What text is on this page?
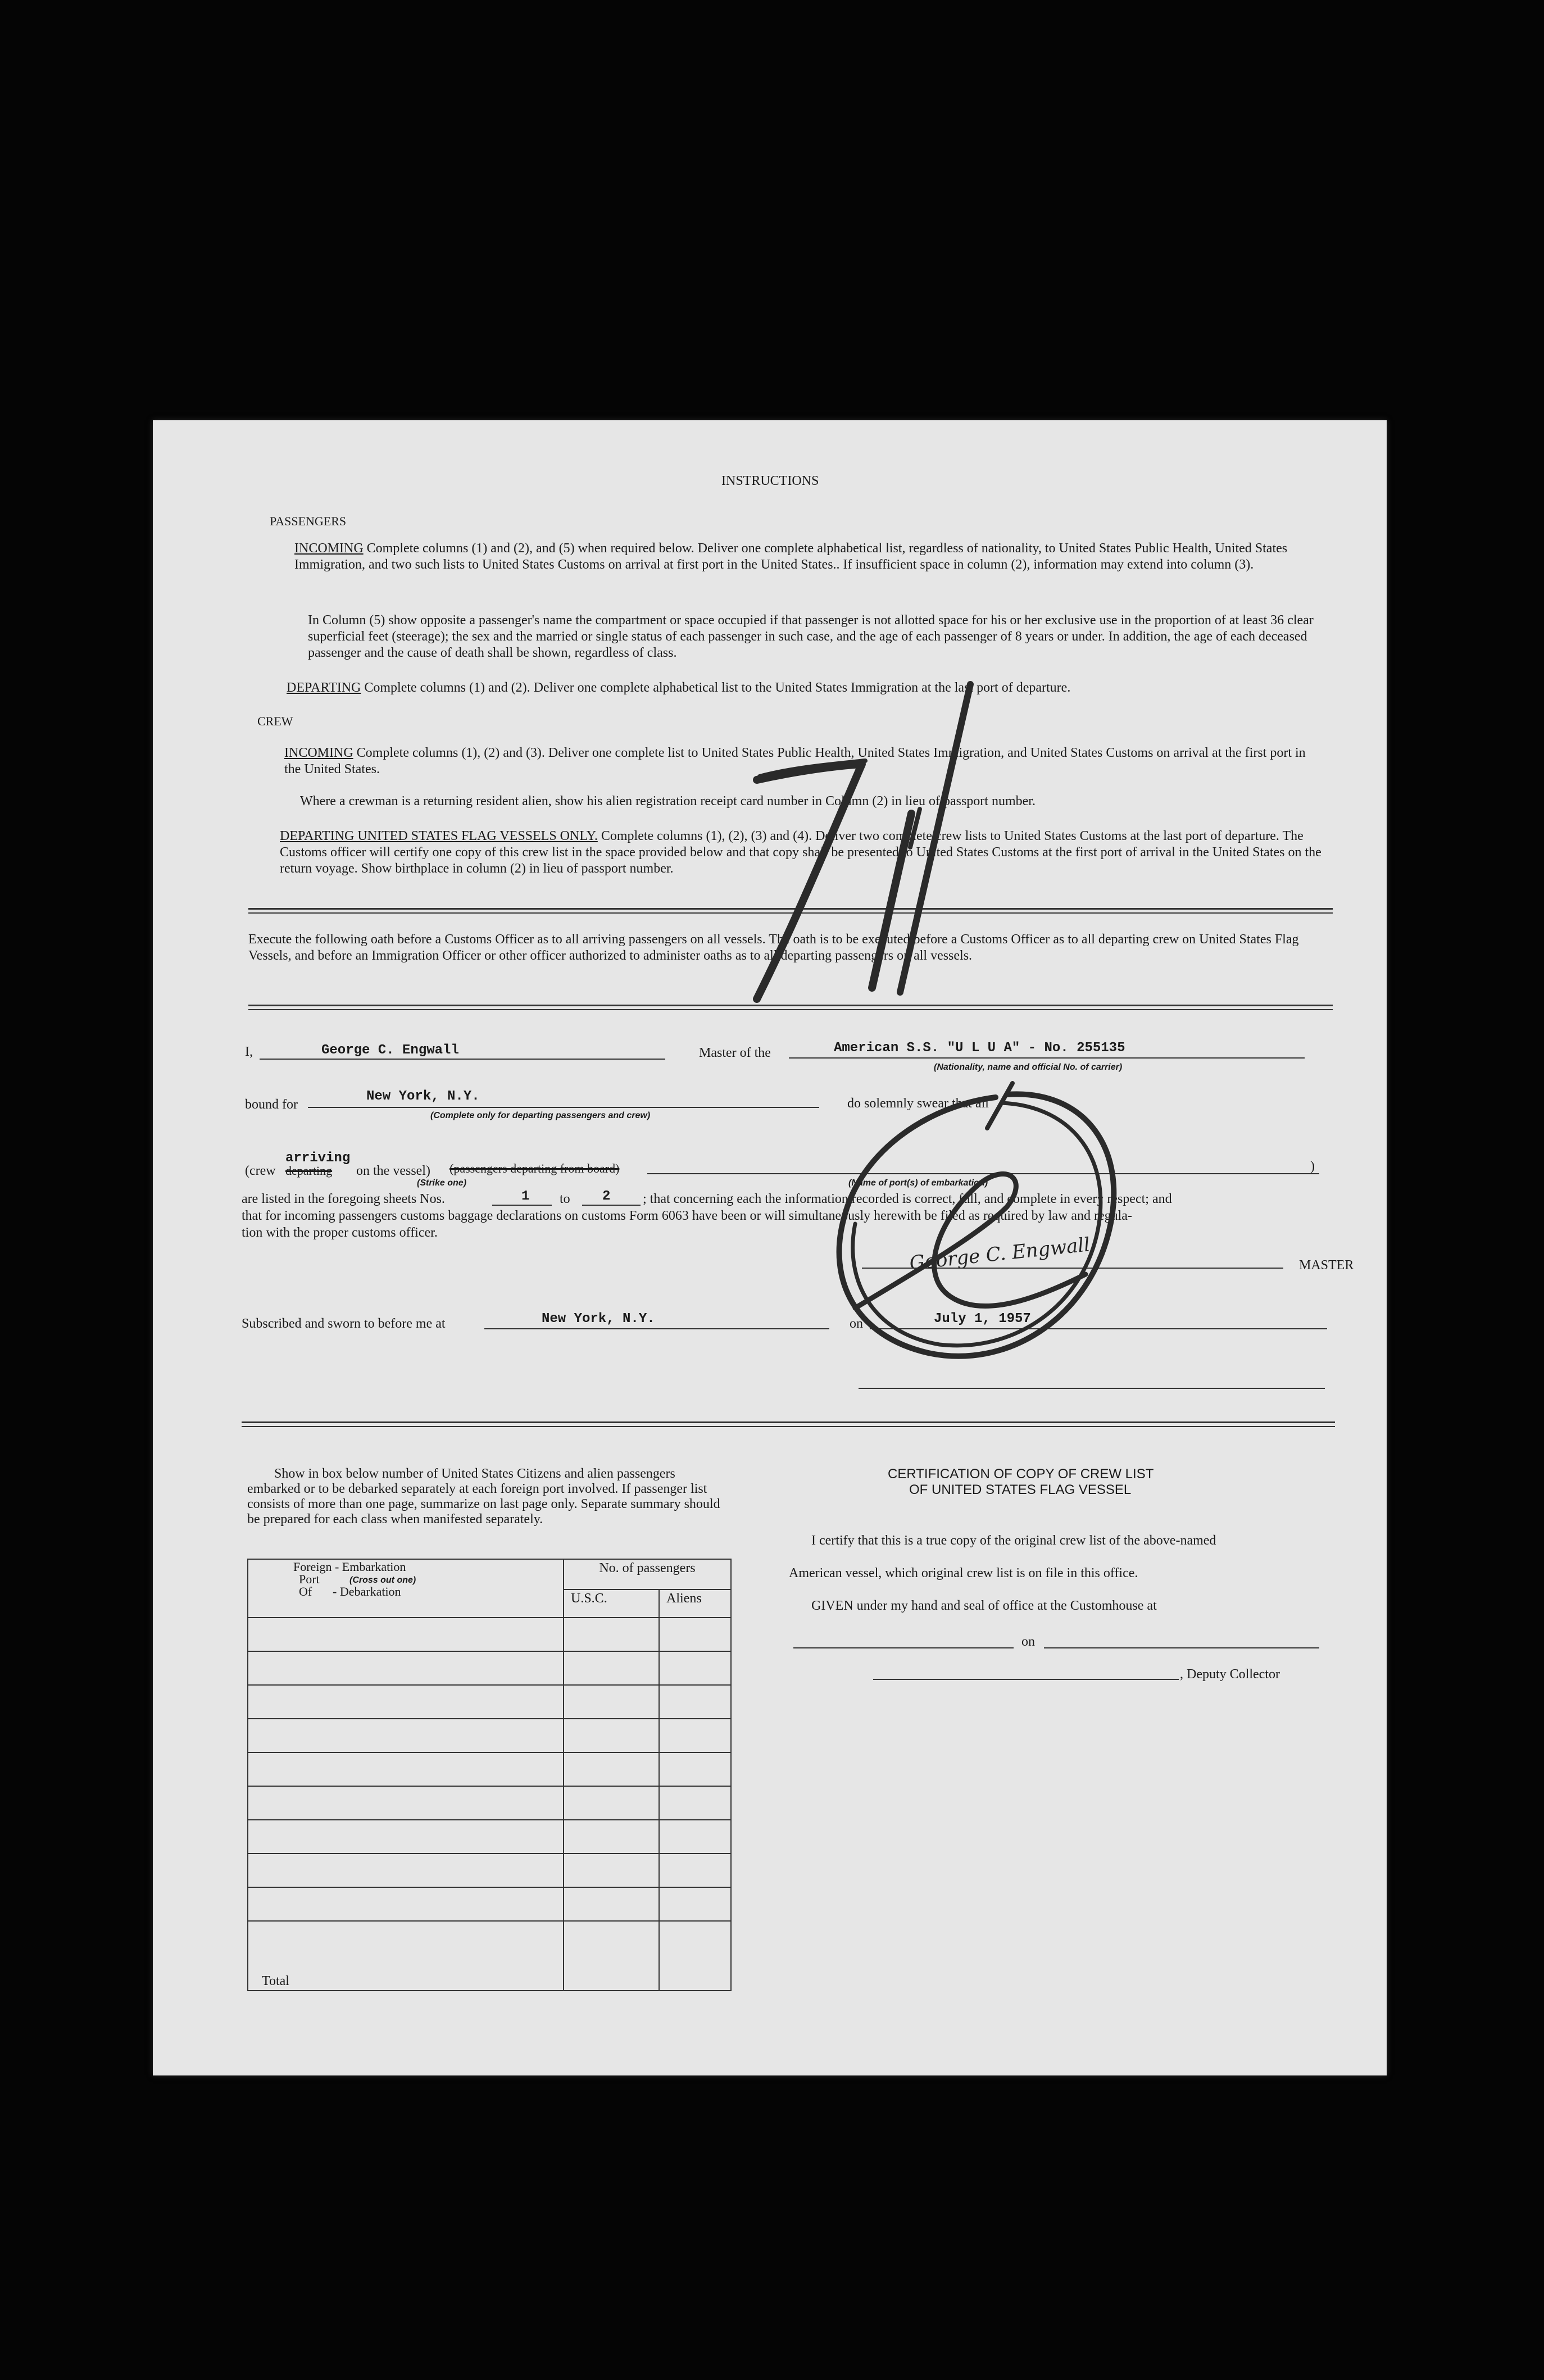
INSTRUCTIONS
PASSENGERS
INCOMING Complete columns (1) and (2), and (5) when required below. Deliver one complete alphabetical list, regardless of nationality, to United States Public Health, United States Immigration, and two such lists to United States Customs on arrival at first port in the United States.. If insufficient space in column (2), information may extend into column (3).
In Column (5) show opposite a passenger's name the compartment or space occupied if that passenger is not allotted space for his or her exclusive use in the proportion of at least 36 clear superficial feet (steerage); the sex and the married or single status of each passenger in such case, and the age of each passenger of 8 years or under. In addition, the age of each deceased passenger and the cause of death shall be shown, regardless of class.
DEPARTING Complete columns (1) and (2). Deliver one complete alphabetical list to the United States Immigration at the last port of departure.
CREW
INCOMING Complete columns (1), (2) and (3). Deliver one complete list to United States Public Health, United States Immigration, and United States Customs on arrival at the first port in the United States.
Where a crewman is a returning resident alien, show his alien registration receipt card number in Column (2) in lieu of passport number.
DEPARTING UNITED STATES FLAG VESSELS ONLY. Complete columns (1), (2), (3) and (4). Deliver two complete crew lists to United States Customs at the last port of departure. The Customs officer will certify one copy of this crew list in the space provided below and that copy shall be presented to United States Customs at the first port of arrival in the United States on the return voyage. Show birthplace in column (2) in lieu of passport number.
Execute the following oath before a Customs Officer as to all arriving passengers on all vessels. The oath is to be executed before a Customs Officer as to all departing crew on United States Flag Vessels, and before an Immigration Officer or other officer authorized to administer oaths as to all departing passengers on all vessels.
I,	George C. Engwall	Master of the	American S.S. "U L U A" - No. 255135
(Nationality, name and official No. of carrier)
bound for
New York, N.Y.
(Complete only for departing passengers and crew)
do solemnly swear that all
(crew
arriving
departing on the vessel) (passengers departing from board)
(Strike one)	(Name of port(s) of embarkation)
)
are listed in the foregoing sheets Nos.	1 to 2 ; that concerning each the information recorded is correct, full, and complete in every respect; and
that for incoming passengers customs baggage declarations on customs Form 6063 have been or will simultaneously herewith be filed as required by law and regula-
tion with the proper customs officer.
George C. Engwall	MASTER
Subscribed and sworn to before me at	New York, N.Y.	on	July 1, 1957
Show in box below number of United States Citizens and alien passengers embarked or to be debarked separately at each foreign port involved. If passenger list consists of more than one page, summarize on last page only. Separate summary should be prepared for each class when manifested separately.
Foreign - Embarkation
Port (Cross out one)
Of - Debarkation	No. of passengers	
	U.S.C.	Aliens

Total		
CERTIFICATION OF COPY OF CREW LIST
OF UNITED STATES FLAG VESSEL
I certify that this is a true copy of the original crew list of the above-named
American vessel, which original crew list is on file in this office.
GIVEN under my hand and seal of office at the Customhouse at
on
, Deputy Collector
